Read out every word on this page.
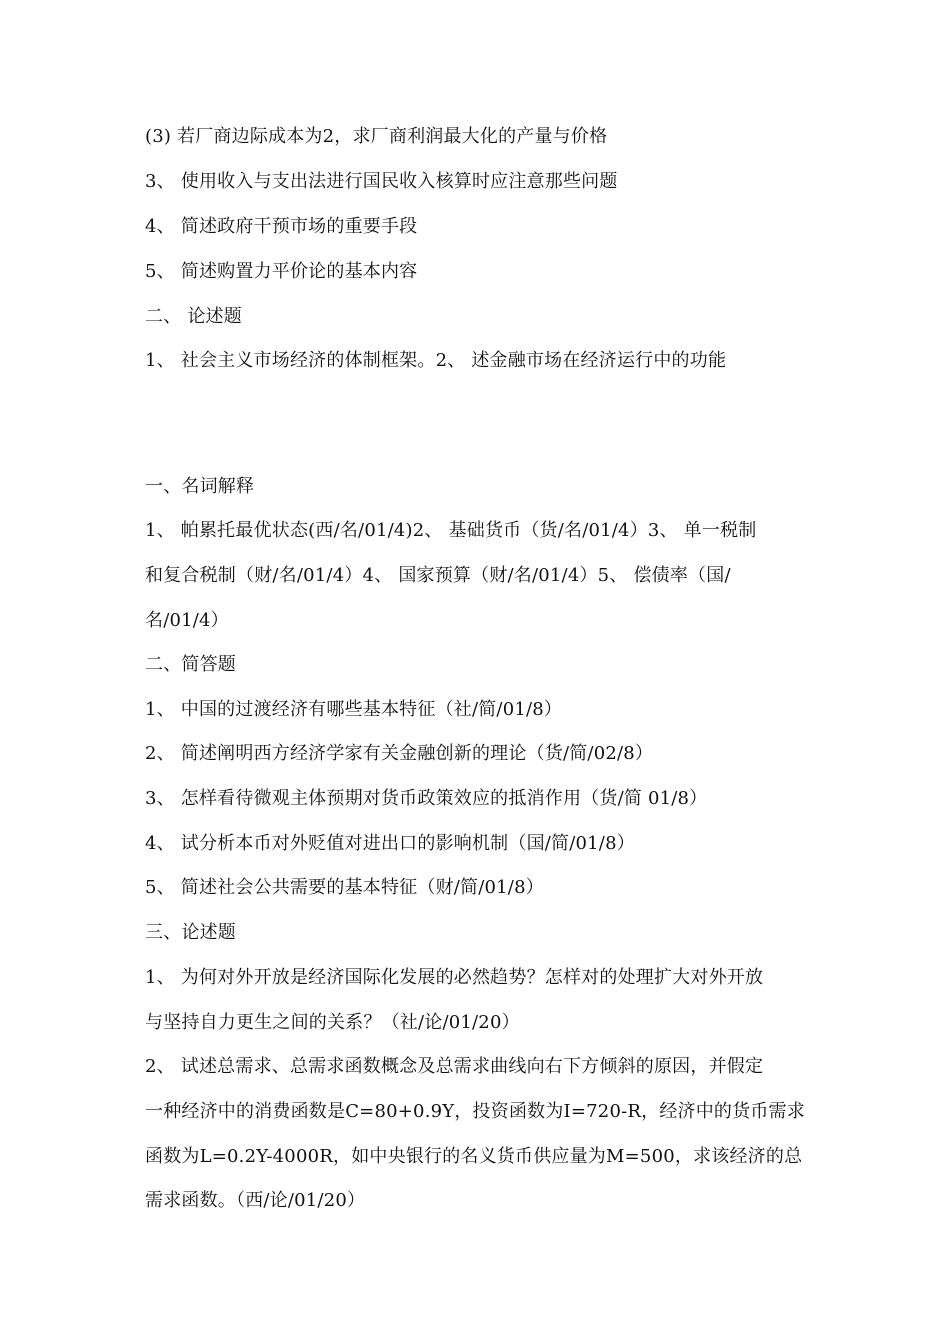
(3) 若厂商边际成本为2，求厂商利润最大化的产量与价格
3、 使用收入与支出法进行国民收入核算时应注意那些问题
4、 简述政府干预市场的重要手段
5、 简述购置力平价论的基本内容
二、 论述题
1、 社会主义市场经济的体制框架。2、 述金融市场在经济运行中的功能
一、名词解释
1、 帕累托最优状态(西/名/01/4)2、 基础货币（货/名/01/4）3、 单一税制
和复合税制（财/名/01/4）4、 国家预算（财/名/01/4）5、 偿债率（国/
名/01/4）
二、简答题
1、 中国的过渡经济有哪些基本特征（社/简/01/8）
2、 简述阐明西方经济学家有关金融创新的理论（货/简/02/8）
3、 怎样看待微观主体预期对货币政策效应的抵消作用（货/简 01/8）
4、 试分析本币对外贬值对进出口的影响机制（国/简/01/8）
5、 简述社会公共需要的基本特征（财/简/01/8）
三、论述题
1、 为何对外开放是经济国际化发展的必然趋势？怎样对的处理扩大对外开放
与坚持自力更生之间的关系？（社/论/01/20）
2、 试述总需求、总需求函数概念及总需求曲线向右下方倾斜的原因，并假定
一种经济中的消费函数是C=80+0.9Y，投资函数为I=720-R，经济中的货币需求
函数为L=0.2Y-4000R，如中央银行的名义货币供应量为M=500，求该经济的总
需求函数。（西/论/01/20）
